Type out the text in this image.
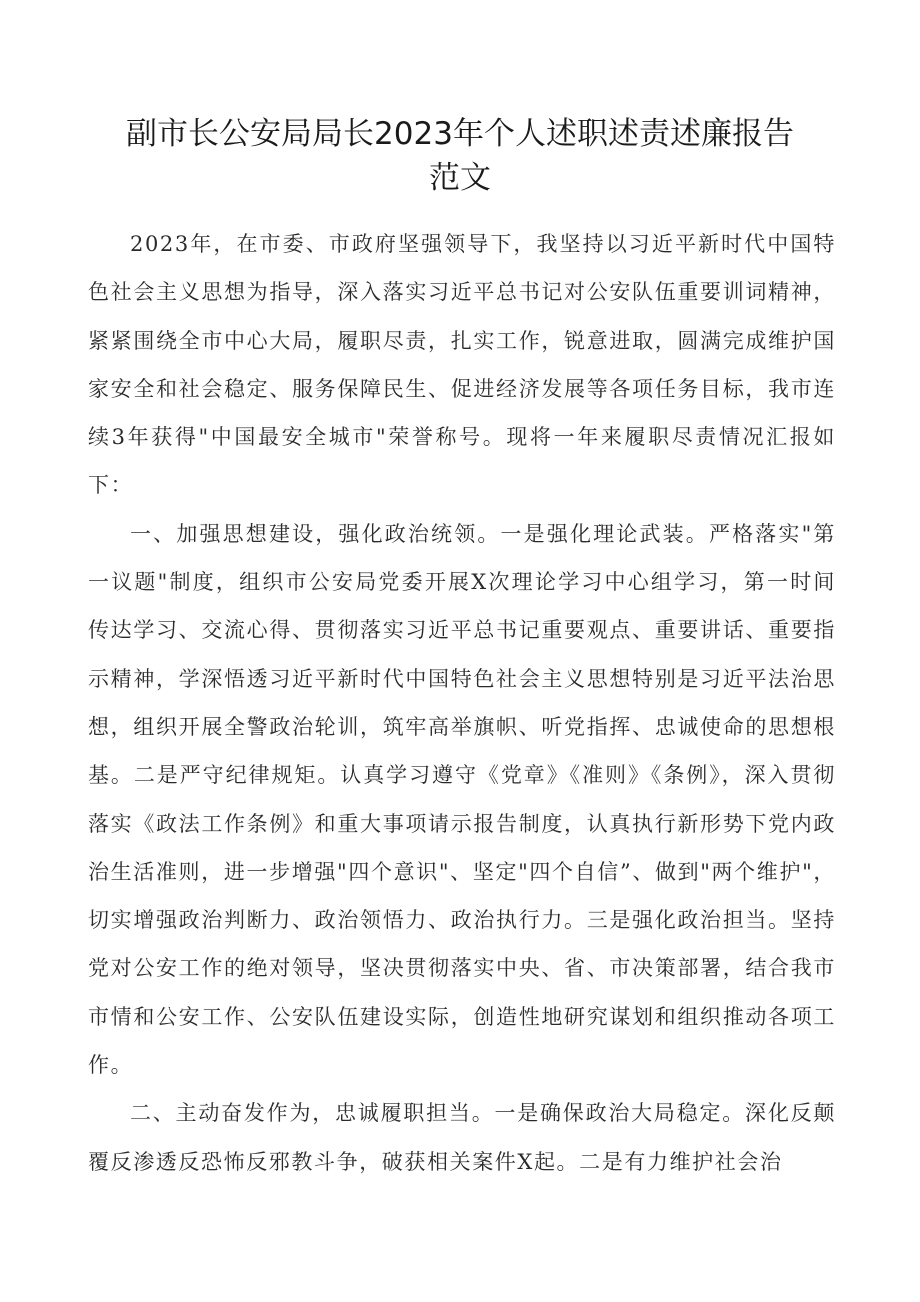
副市长公安局局长2023年个人述职述责述廉报告
范文

2023年，在市委、市政府坚强领导下，我坚持以习近平新时代中国特色社会主义思想为指导，深入落实习近平总书记对公安队伍重要训词精神，紧紧围绕全市中心大局，履职尽责，扎实工作，锐意进取，圆满完成维护国家安全和社会稳定、服务保障民生、促进经济发展等各项任务目标，我市连续3年获得"中国最安全城市"荣誉称号。现将一年来履职尽责情况汇报如下：

一、加强思想建设，强化政治统领。一是强化理论武装。严格落实"第一议题"制度，组织市公安局党委开展X次理论学习中心组学习，第一时间传达学习、交流心得、贯彻落实习近平总书记重要观点、重要讲话、重要指示精神，学深悟透习近平新时代中国特色社会主义思想特别是习近平法治思想，组织开展全警政治轮训，筑牢高举旗帜、听党指挥、忠诚使命的思想根基。二是严守纪律规矩。认真学习遵守《党章》《准则》《条例》，深入贯彻落实《政法工作条例》和重大事项请示报告制度，认真执行新形势下党内政治生活准则，进一步增强"四个意识"、坚定"四个自信”、做到"两个维护"，切实增强政治判断力、政治领悟力、政治执行力。三是强化政治担当。坚持党对公安工作的绝对领导，坚决贯彻落实中央、省、市决策部署，结合我市市情和公安工作、公安队伍建设实际，创造性地研究谋划和组织推动各项工作。

二、主动奋发作为，忠诚履职担当。一是确保政治大局稳定。深化反颠覆反渗透反恐怖反邪教斗争，破获相关案件X起。二是有力维护社会治
